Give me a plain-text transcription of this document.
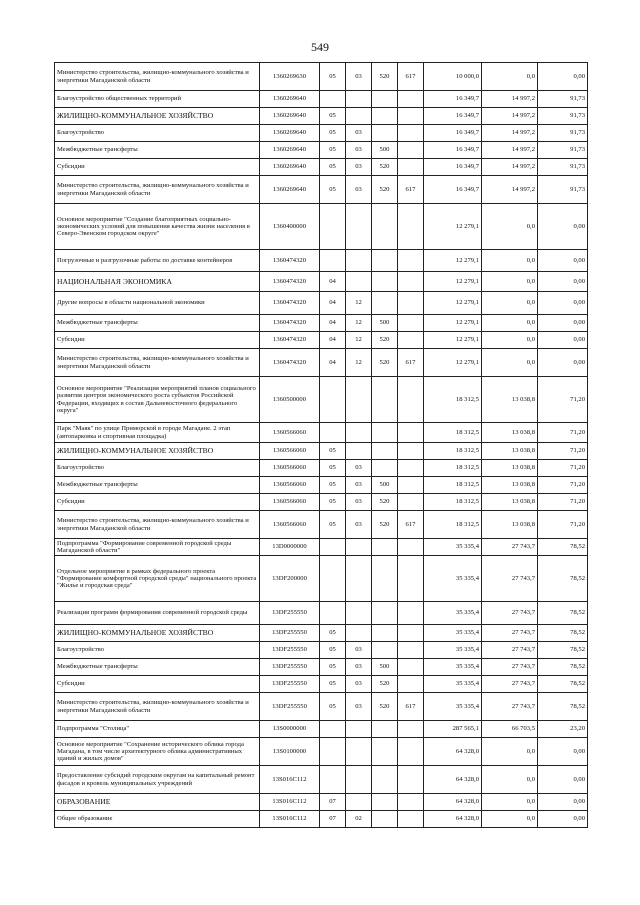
549
Министерство строительства, жилищно-коммунального хозяйства и энергетики Магаданской области	1360269630	05	03	520	617	10 000,0	0,0	0,00
Благоустройство общественных территорий	1360269640					16 349,7	14 997,2	91,73
ЖИЛИЩНО-КОММУНАЛЬНОЕ ХОЗЯЙСТВО	1360269640	05				16 349,7	14 997,2	91,73
Благоустройство	1360269640	05	03			16 349,7	14 997,2	91,73
Межбюджетные трансферты	1360269640	05	03	500		16 349,7	14 997,2	91,73
Субсидии	1360269640	05	03	520		16 349,7	14 997,2	91,73
Министерство строительства, жилищно-коммунального хозяйства и энергетики Магаданской области	1360269640	05	03	520	617	16 349,7	14 997,2	91,73
Основное мероприятие "Создание благоприятных социально-экономических условий для повышения качества жизни населения в Северо-Эвенском городском округе"	1360400000					12 279,1	0,0	0,00
Погрузочные и разгрузочные работы по доставке контейнеров	1360474320					12 279,1	0,0	0,00
НАЦИОНАЛЬНАЯ ЭКОНОМИКА	1360474320	04				12 279,1	0,0	0,00
Другие вопросы в области национальной экономики	1360474320	04	12			12 279,1	0,0	0,00
Межбюджетные трансферты	1360474320	04	12	500		12 279,1	0,0	0,00
Субсидии	1360474320	04	12	520		12 279,1	0,0	0,00
Министерство строительства, жилищно-коммунального хозяйства и энергетики Магаданской области	1360474320	04	12	520	617	12 279,1	0,0	0,00
Основное мероприятие "Реализация мероприятий планов социального развития центров экономического роста субъектов Российской Федерации, входящих в состав Дальневосточного федерального округа"	1360500000					18 312,5	13 038,8	71,20
Парк "Маяк" по улице Приморской в городе Магадане. 2 этап (автопарковка и спортивная площадка)	1360566060					18 312,5	13 038,8	71,20
ЖИЛИЩНО-КОММУНАЛЬНОЕ ХОЗЯЙСТВО	1360566060	05				18 312,5	13 038,8	71,20
Благоустройство	1360566060	05	03			18 312,5	13 038,8	71,20
Межбюджетные трансферты	1360566060	05	03	500		18 312,5	13 038,8	71,20
Субсидии	1360566060	05	03	520		18 312,5	13 038,8	71,20
Министерство строительства, жилищно-коммунального хозяйства и энергетики Магаданской области	1360566060	05	03	520	617	18 312,5	13 038,8	71,20
Подпрограмма "Формирование современной городской среды Магаданской области"	13D0000000					35 335,4	27 743,7	78,52
Отдельное мероприятие в рамках федерального проекта "Формирование комфортной городской среды" национального проекта "Жилье и городская среда"	13DF200000					35 335,4	27 743,7	78,52
Реализация программ формирования современной городской среды	13DF255550					35 335,4	27 743,7	78,52
ЖИЛИЩНО-КОММУНАЛЬНОЕ ХОЗЯЙСТВО	13DF255550	05				35 335,4	27 743,7	78,52
Благоустройство	13DF255550	05	03			35 335,4	27 743,7	78,52
Межбюджетные трансферты	13DF255550	05	03	500		35 335,4	27 743,7	78,52
Субсидии	13DF255550	05	03	520		35 335,4	27 743,7	78,52
Министерство строительства, жилищно-коммунального хозяйства и энергетики Магаданской области	13DF255550	05	03	520	617	35 335,4	27 743,7	78,52
Подпрограмма "Столица"	13S0000000					287 565,1	66 703,5	23,20
Основное мероприятие "Сохранение исторического облика города Магадана, в том числе архитектурного облика административных зданий и жилых домов"	13S0100000					64 328,0	0,0	0,00
Предоставление субсидий городским округам на капитальный ремонт фасадов и кровель муниципальных учреждений	13S016C112					64 328,0	0,0	0,00
ОБРАЗОВАНИЕ	13S016C112	07				64 328,0	0,0	0,00
Общее образование	13S016C112	07	02			64 328,0	0,0	0,00
